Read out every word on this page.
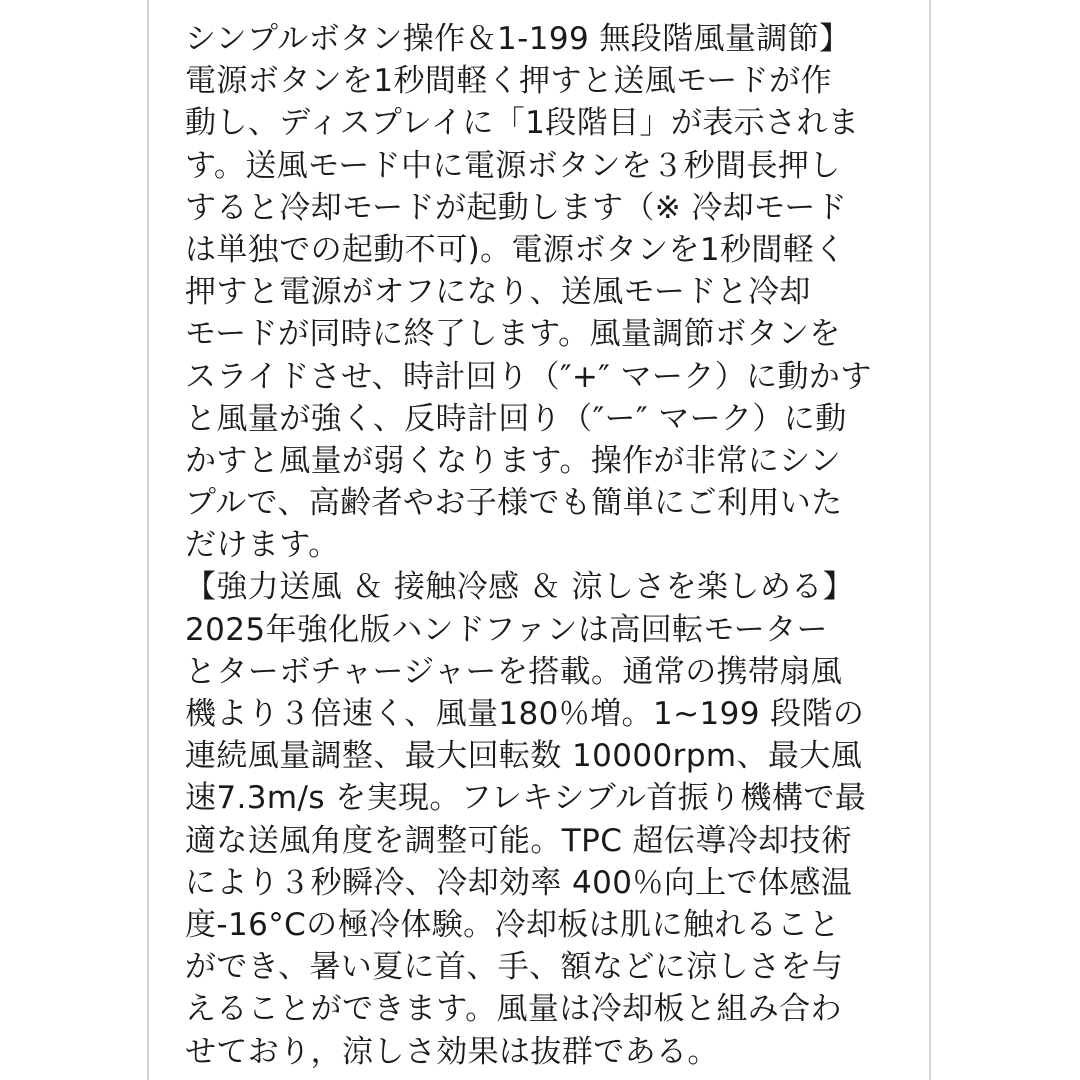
シンプルボタン操作＆1-199 無段階風量調節】
電源ボタンを1秒間軽く押すと送風モードが作
動し、ディスプレイに「1段階目」が表示されま
す。送風モード中に電源ボタンを３秒間長押し
すると冷却モードが起動します（※ 冷却モード
は単独での起動不可)。電源ボタンを1秒間軽く
押すと電源がオフになり、送風モードと冷却
モードが同時に終了します。風量調節ボタンを
スライドさせ、時計回り（″+″ マーク）に動かす
と風量が強く、反時計回り（″ー″ マーク）に動
かすと風量が弱くなります。操作が非常にシン
プルで、高齢者やお子様でも簡単にご利用いた
だけます。
【強力送風 ＆ 接触冷感 ＆ 涼しさを楽しめる】
2025年強化版ハンドファンは高回転モーター
とターボチャージャーを搭載。通常の携帯扇風
機より３倍速く、風量180％増。1~199 段階の
連続風量調整、最大回転数 10000rpm、最大風
速7.3m/s を実現。フレキシブル首振り機構で最
適な送風角度を調整可能。TPC 超伝導冷却技術
により３秒瞬冷、冷却効率 400％向上で体感温
度-16°Cの極冷体験。冷却板は肌に触れること
ができ、暑い夏に首、手、額などに涼しさを与
えることができます。風量は冷却板と組み合わ
せており，涼しさ効果は抜群である。
